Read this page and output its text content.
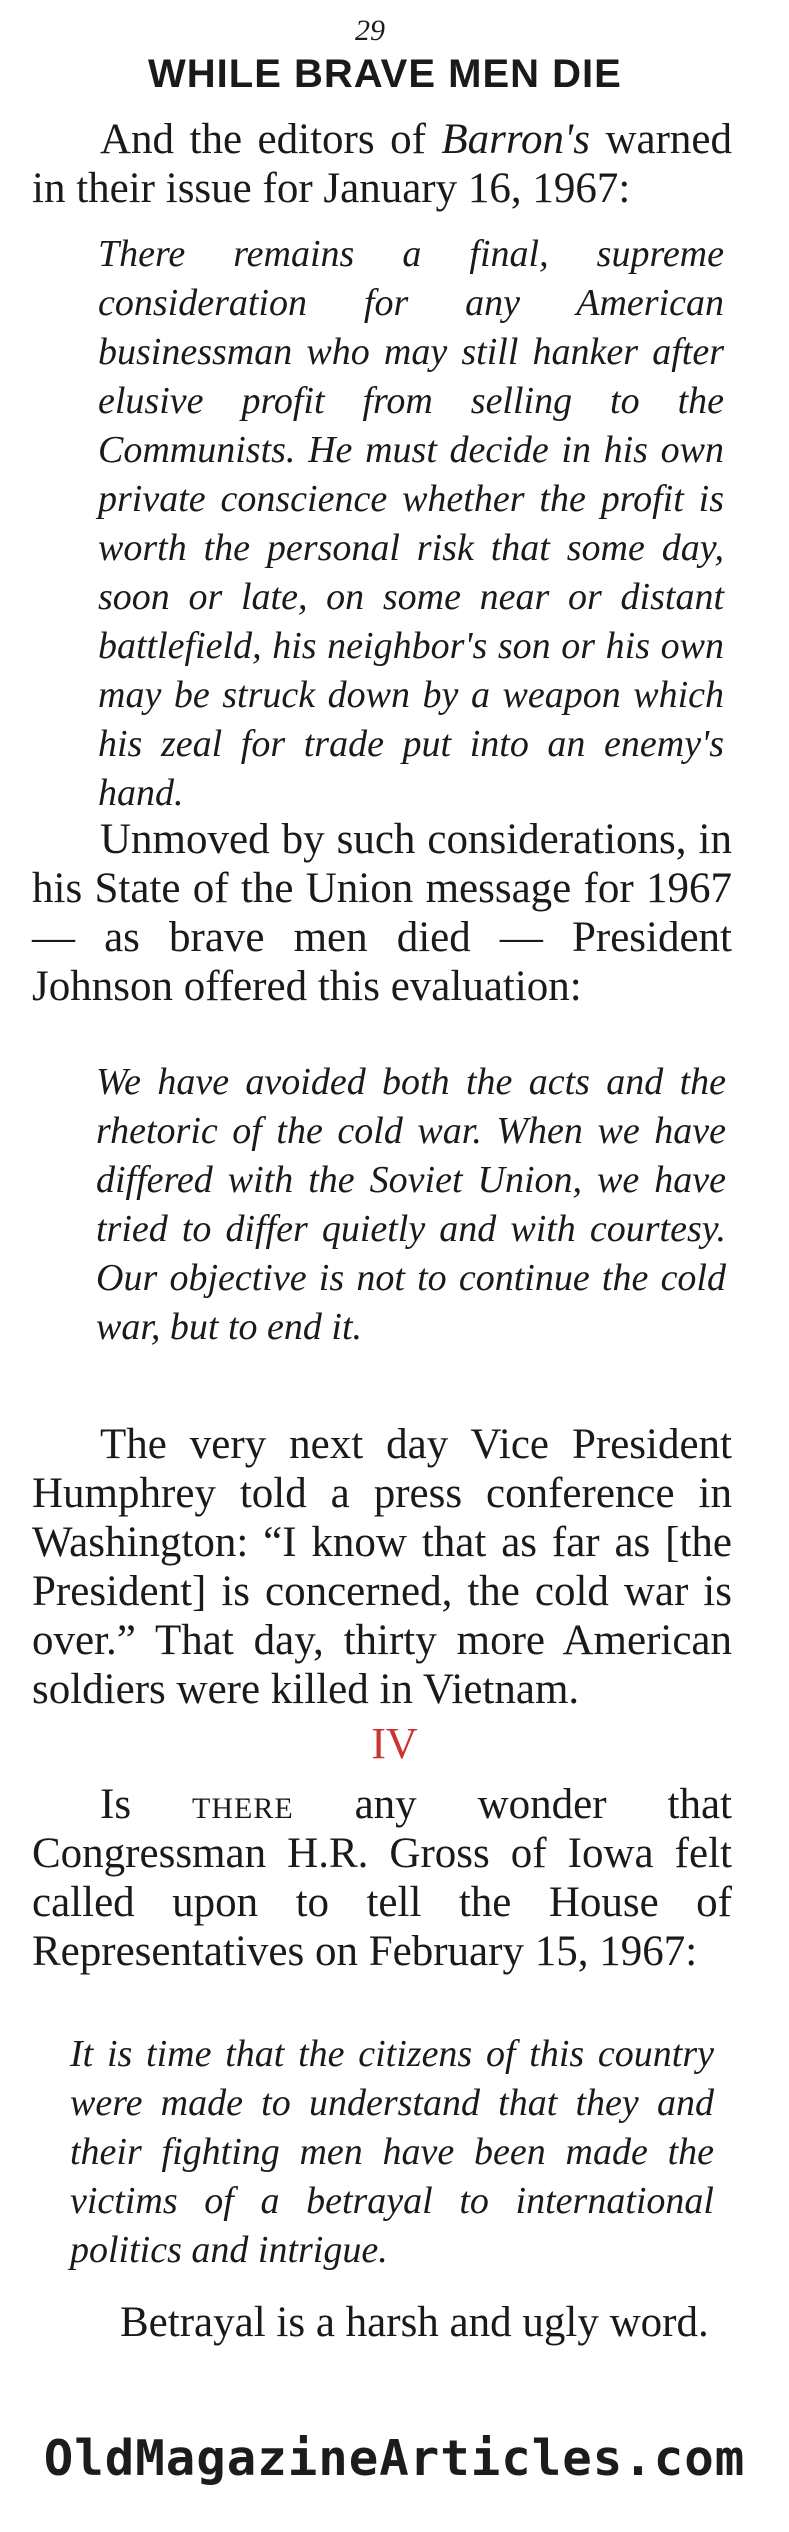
29
WHILE BRAVE MEN DIE
And the editors of Barron's warned in their issue for January 16, 1967:
There remains a final, supreme consideration for any American businessman who may still hanker after elusive profit from selling to the Communists. He must decide in his own private conscience whether the profit is worth the personal risk that some day, soon or late, on some near or distant battlefield, his neighbor's son or his own may be struck down by a weapon which his zeal for trade put into an enemy's hand.
Unmoved by such considerations, in his State of the Union message for 1967 — as brave men died — President Johnson offered this evaluation:
We have avoided both the acts and the rhetoric of the cold war. When we have differed with the Soviet Union, we have tried to differ quietly and with courtesy. Our objective is not to continue the cold war, but to end it.
The very next day Vice President Humphrey told a press conference in Washington: “I know that as far as [the President] is concerned, the cold war is over.” That day, thirty more American soldiers were killed in Vietnam.
IV
Is there any wonder that Congressman H.R. Gross of Iowa felt called upon to tell the House of Representatives on February 15, 1967:
It is time that the citizens of this country were made to understand that they and their fighting men have been made the victims of a betrayal to international politics and intrigue.
Betrayal is a harsh and ugly word.
OldMagazineArticles.com
